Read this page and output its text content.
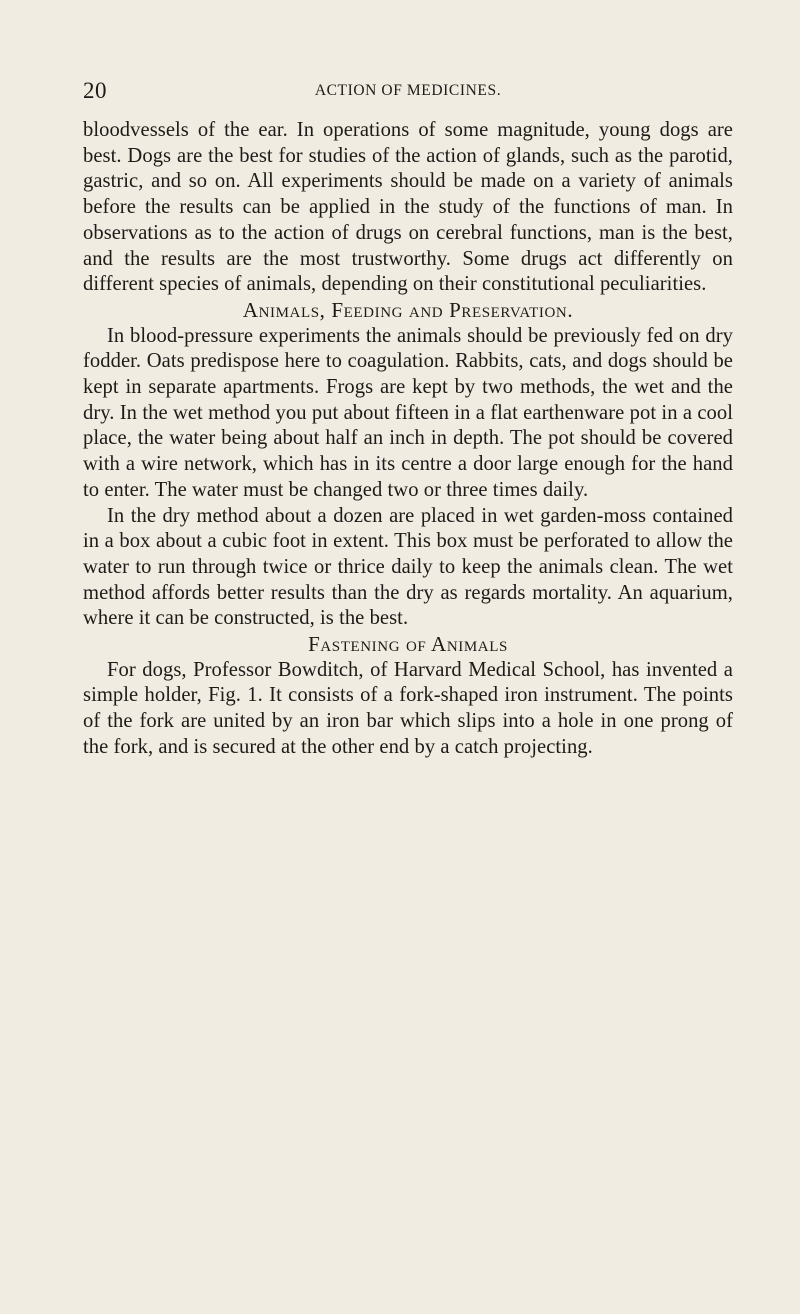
20	ACTION OF MEDICINES.

bloodvessels of the ear. In operations of some magnitude, young dogs are best. Dogs are the best for studies of the action of glands, such as the parotid, gastric, and so on. All experiments should be made on a variety of animals before the results can be applied in the study of the functions of man. In observations as to the action of drugs on cerebral functions, man is the best, and the results are the most trustworthy. Some drugs act differently on different species of animals, depending on their constitutional peculiarities.

Animals, Feeding and Preservation.

In blood-pressure experiments the animals should be previously fed on dry fodder. Oats predispose here to coagulation. Rabbits, cats, and dogs should be kept in separate apartments. Frogs are kept by two methods, the wet and the dry. In the wet method you put about fifteen in a flat earthenware pot in a cool place, the water being about half an inch in depth. The pot should be covered with a wire network, which has in its centre a door large enough for the hand to enter. The water must be changed two or three times daily.

In the dry method about a dozen are placed in wet garden-moss contained in a box about a cubic foot in extent. This box must be perforated to allow the water to run through twice or thrice daily to keep the animals clean. The wet method affords better results than the dry as regards mortality. An aquarium, where it can be constructed, is the best.

Fastening of Animals

For dogs, Professor Bowditch, of Harvard Medical School, has invented a simple holder, Fig. 1. It consists of a fork-shaped iron instrument. The points of the fork are united by an iron bar which slips into a hole in one prong of the fork, and is secured at the other end by a catch projecting.
